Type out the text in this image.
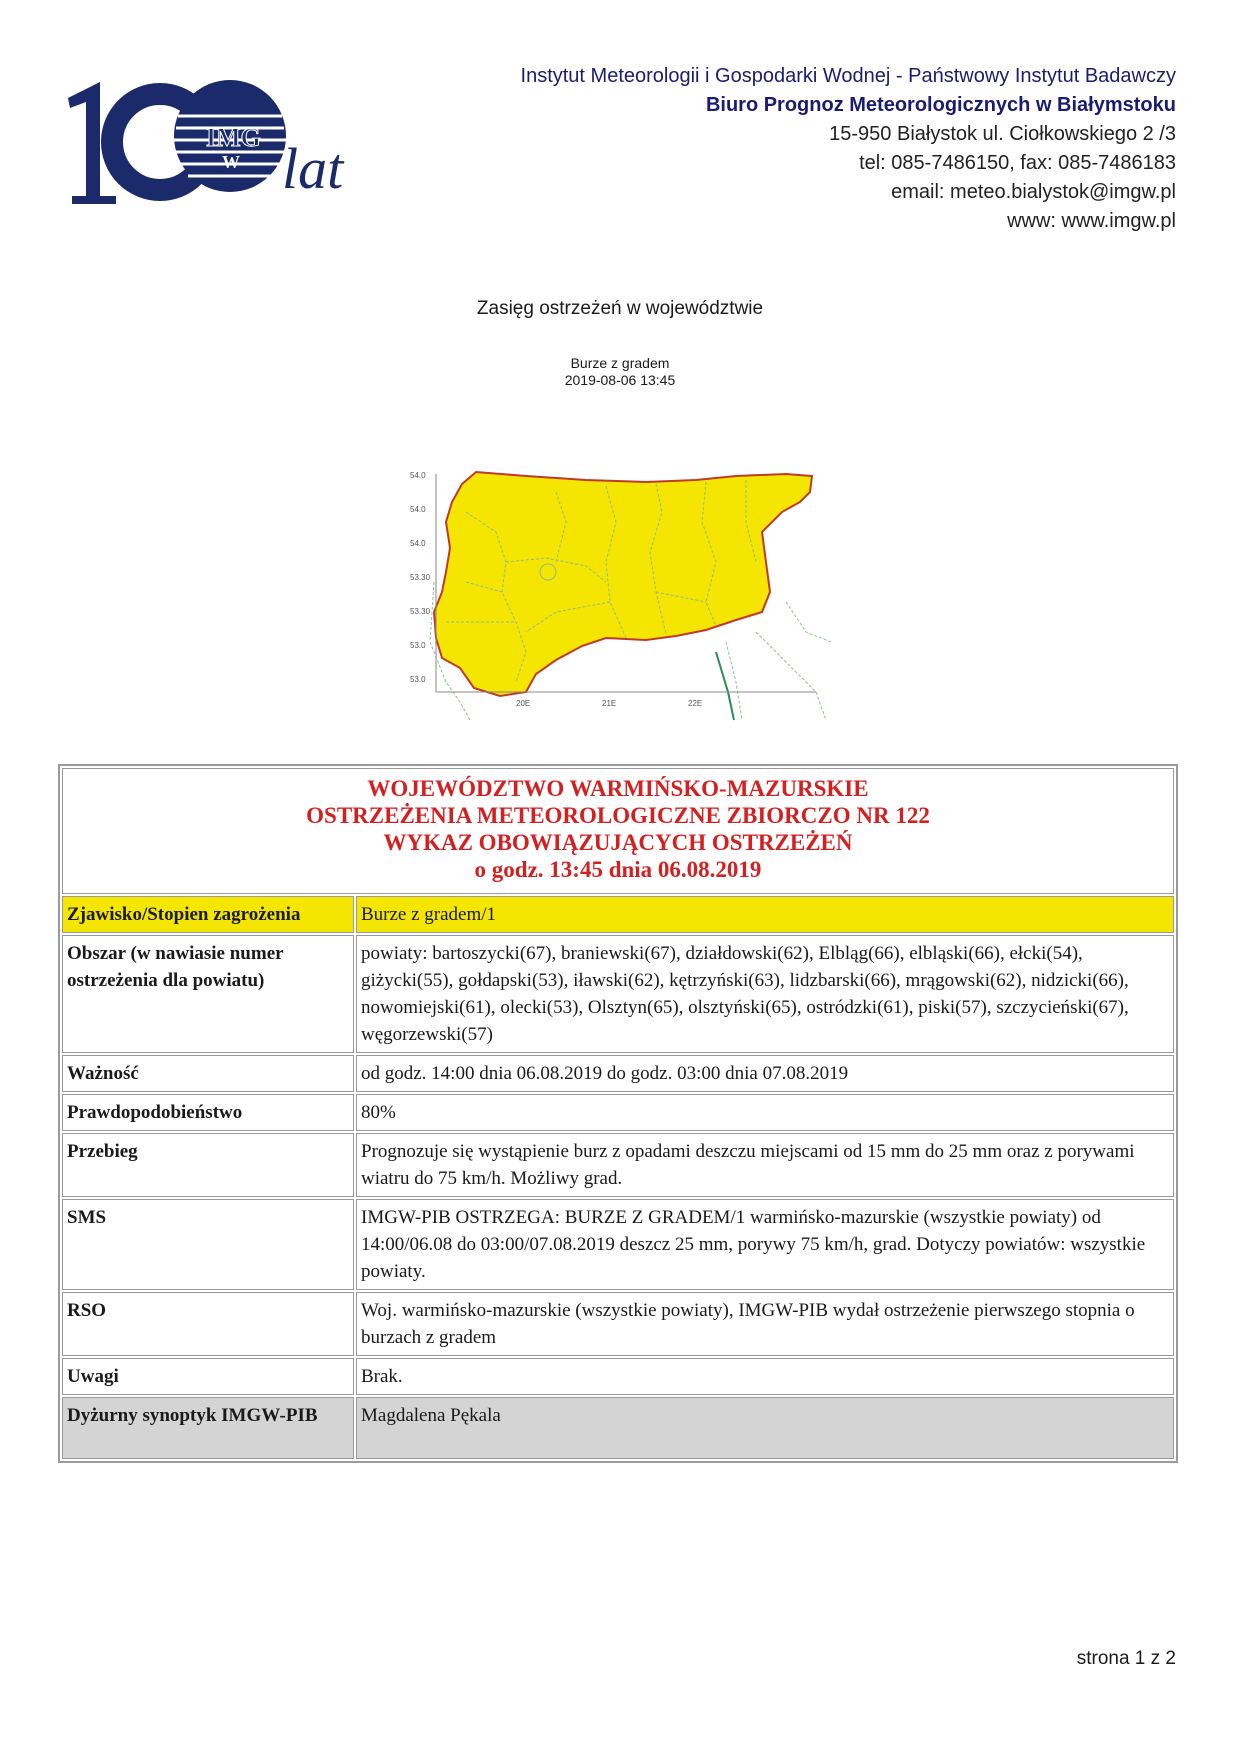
IMG
W lat
Instytut Meteorologii i Gospodarki Wodnej - Państwowy Instytut Badawczy
Biuro Prognoz Meteorologicznych w Białymstoku
15-950 Białystok ul. Ciołkowskiego 2 /3
tel: 085-7486150, fax: 085-7486183
email: meteo.bialystok@imgw.pl
www: www.imgw.pl
Zasięg ostrzeżeń w województwie
Burze z gradem
2019-08-06 13:45
54.0
54.0
54.0
53.30
53.30
53.0
53.0
20E	21E	22E
WOJEWÓDZTWO WARMIŃSKO-MAZURSKIE
OSTRZEŻENIA METEOROLOGICZNE ZBIORCZO NR 122
WYKAZ OBOWIĄZUJĄCYCH OSTRZEŻEŃ
o godz. 13:45 dnia 06.08.2019	

Zjawisko/Stopien zagrożenia	Burze z gradem/1
Obszar (w nawiasie numer ostrzeżenia dla powiatu)	powiaty: bartoszycki(67), braniewski(67), działdowski(62), Elbląg(66), elbląski(66), ełcki(54), giżycki(55), gołdapski(53), iławski(62), kętrzyński(63), lidzbarski(66), mrągowski(62), nidzicki(66), nowomiejski(61), olecki(53), Olsztyn(65), olsztyński(65), ostródzki(61), piski(57), szczycieński(67), węgorzewski(57)
Ważność	od godz. 14:00 dnia 06.08.2019 do godz. 03:00 dnia 07.08.2019
Prawdopodobieństwo	80%
Przebieg	Prognozuje się wystąpienie burz z opadami deszczu miejscami od 15 mm do 25 mm oraz z porywami wiatru do 75 km/h. Możliwy grad.
SMS	IMGW-PIB OSTRZEGA: BURZE Z GRADEM/1 warmińsko-mazurskie (wszystkie powiaty) od 14:00/06.08 do 03:00/07.08.2019 deszcz 25 mm, porywy 75 km/h, grad. Dotyczy powiatów: wszystkie powiaty.
RSO	Woj. warmińsko-mazurskie (wszystkie powiaty), IMGW-PIB wydał ostrzeżenie pierwszego stopnia o burzach z gradem
Uwagi	Brak.
Dyżurny synoptyk IMGW-PIB	Magdalena Pękala
strona 1 z 2
